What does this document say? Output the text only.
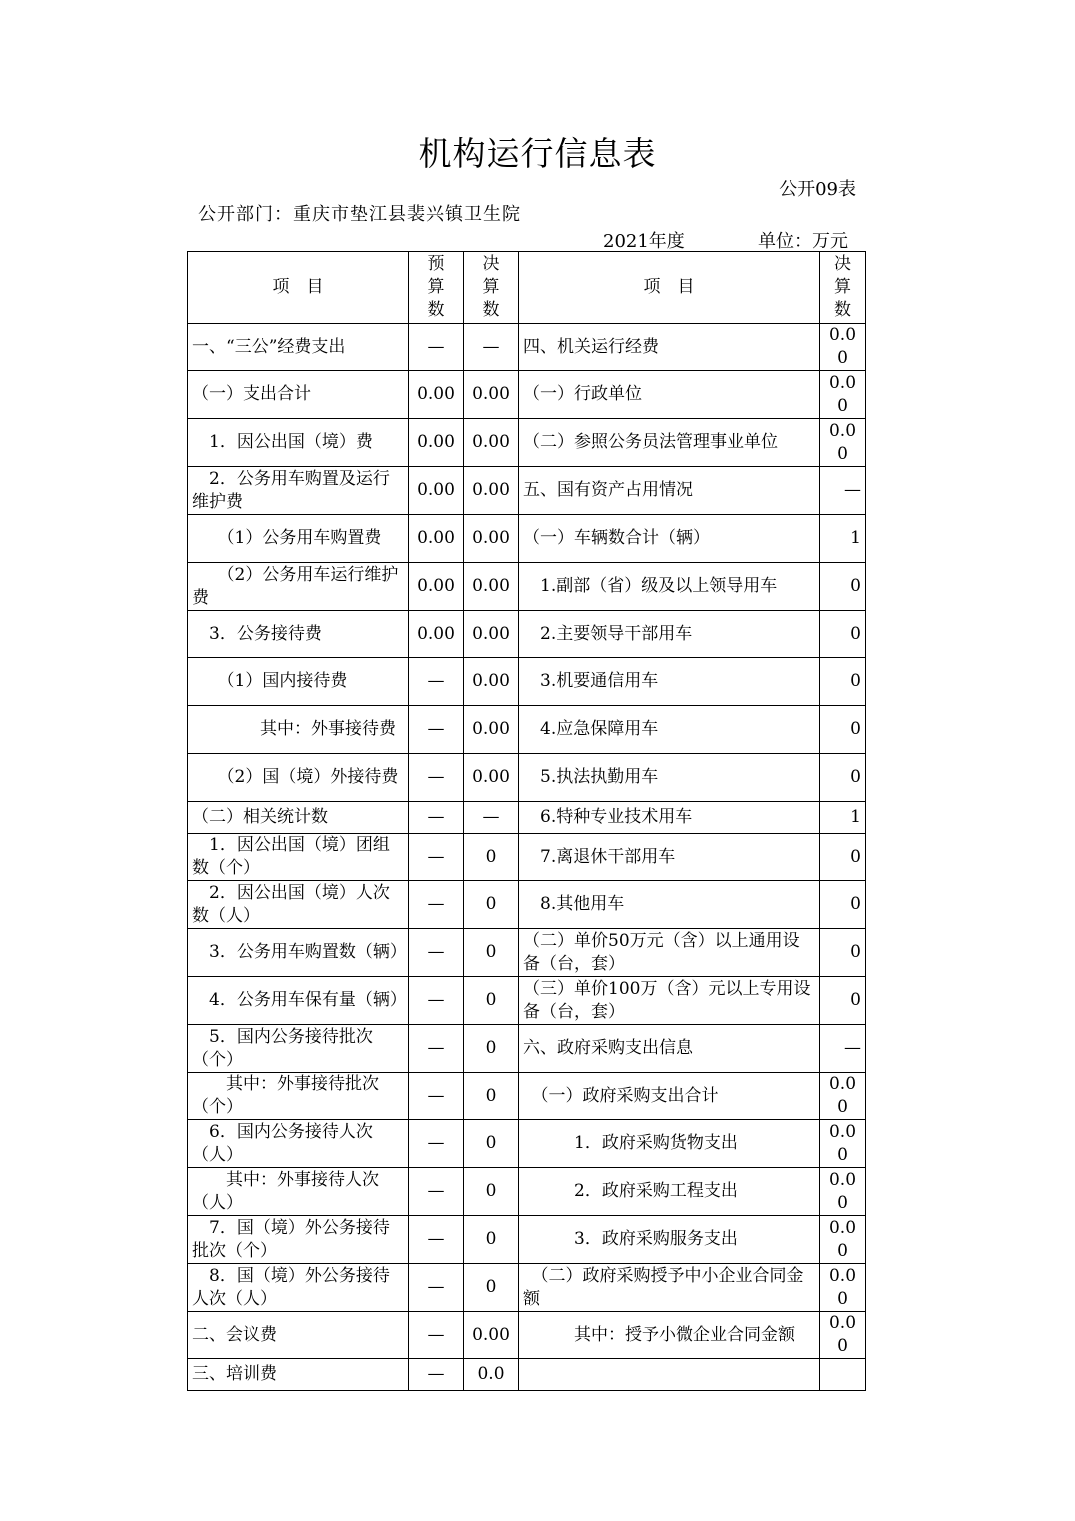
机构运行信息表
公开09表
公开部门：重庆市垫江县裴兴镇卫生院
2021年度	单位：万元
项　目	预算数	决算数	项　目	决算数
一、“三公”经费支出	—	—	四、机关运行经费	0.00
（一）支出合计	0.00	0.00	（一）行政单位	0.00
　1．因公出国（境）费	0.00	0.00	（二）参照公务员法管理事业单位	0.00
　2．公务用车购置及运行维护费	0.00	0.00	五、国有资产占用情况	—
　　（1）公务用车购置费	0.00	0.00	（一）车辆数合计（辆）	1
　　（2）公务用车运行维护费	0.00	0.00	　1.副部（省）级及以上领导用车	0
　3．公务接待费	0.00	0.00	　2.主要领导干部用车	0
　　（1）国内接待费	—	0.00	　3.机要通信用车	0
　　　　其中：外事接待费	—	0.00	　4.应急保障用车	0
　　（2）国（境）外接待费	—	0.00	　5.执法执勤用车	0
（二）相关统计数	—	—	　6.特种专业技术用车	1
　1．因公出国（境）团组数（个）	—	0	　7.离退休干部用车	0
　2．因公出国（境）人次数（人）	—	0	　8.其他用车	0
　3．公务用车购置数（辆）	—	0	（二）单价50万元（含）以上通用设备（台，套）	0
　4．公务用车保有量（辆）	—	0	（三）单价100万（含）元以上专用设备（台，套）	0
　5．国内公务接待批次（个）	—	0	六、政府采购支出信息	—
　　其中：外事接待批次（个）	—	0	　（一）政府采购支出合计	0.00
　6．国内公务接待人次（人）	—	0	　　　1．政府采购货物支出	0.00
　　其中：外事接待人次（人）	—	0	　　　2．政府采购工程支出	0.00
　7．国（境）外公务接待批次（个）	—	0	　　　3．政府采购服务支出	0.00
　8．国（境）外公务接待人次（人）	—	0	　（二）政府采购授予中小企业合同金额	0.00
二、会议费	—	0.00	　　　其中：授予小微企业合同金额	0.00
三、培训费	—	0.0		
